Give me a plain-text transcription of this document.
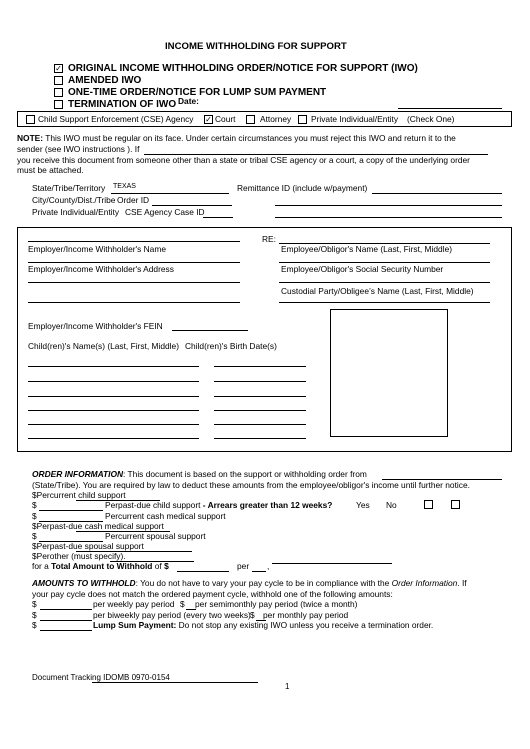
INCOME WITHHOLDING FOR SUPPORT
✓ ORIGINAL INCOME WITHHOLDING ORDER/NOTICE FOR SUPPORT (IWO)
AMENDED IWO
ONE-TIME ORDER/NOTICE FOR LUMP SUM PAYMENT
TERMINATION OF IWO Date:
Child Support Enforcement (CSE) Agency ✓ Court	Attorney Private Individual/Entity (Check One)
NOTE: This IWO must be regular on its face. Under certain circumstances you must reject this IWO and return it to the
sender (see IWO instructions ). If
you receive this document from someone other than a state or tribal CSE agency or a court, a copy of the underlying order
must be attached.
State/Tribe/Territory TEXAS	Remittance ID (include w/payment)
City/County/Dist./Tribe Order ID
Private Individual/Entity CSE Agency Case ID
RE:
Employer/Income Withholder's Name	Employee/Obligor's Name (Last, First, Middle)
Employer/Income Withholder's Address	Employee/Obligor's Social Security Number
Custodial Party/Obligee’s Name (Last, First, Middle)
Employer/Income Withholder's FEIN
Child(ren)'s Name(s) (Last, First, Middle) Child(ren)'s Birth Date(s)
ORDER INFORMATION: This document is based on the support or withholding order from
(State/Tribe). You are required by law to deduct these amounts from the employee/obligor's income until further notice.
$Percurrent child support
$	Perpast-due child support - Arrears greater than 12 weeks?	Yes No
$	Percurrent cash medical support
$Perpast-due cash medical support
$	Percurrent spousal support
$Perpast-due spousal support
$Perother (must specify).
for a Total Amount to Withhold of $	per ,
AMOUNTS TO WITHHOLD: You do not have to vary your pay cycle to be in compliance with the Order Information. If
your pay cycle does not match the ordered payment cycle, withhold one of the following amounts:
$	per weekly pay period $ per semimonthly pay period (twice a month)
$	per biweekly pay period (every two weeks) $ per monthly pay period
$	Lump Sum Payment: Do not stop any existing IWO unless you receive a termination order.
Document Tracking IDOMB 0970-0154
1
